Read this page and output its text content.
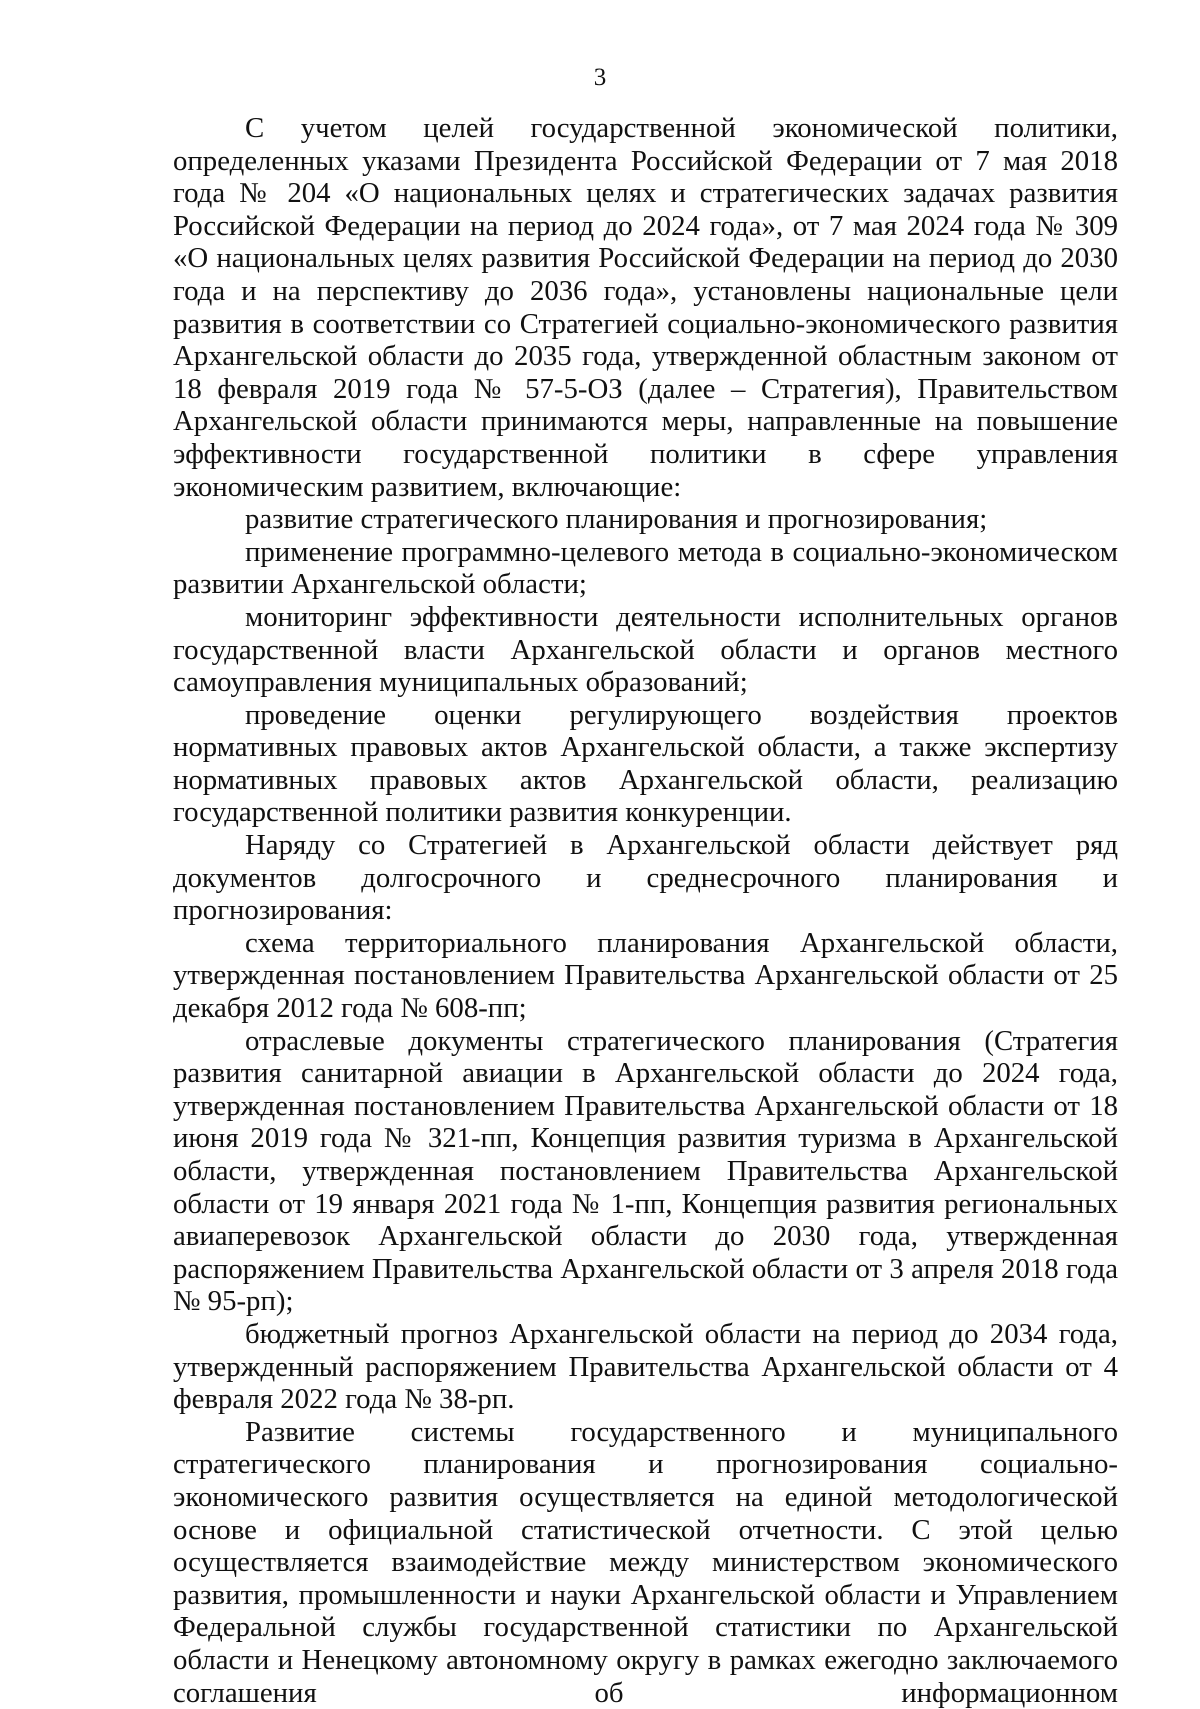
3

С учетом целей государственной экономической политики, определенных указами Президента Российской Федерации от 7 мая 2018 года № 204 «О национальных целях и стратегических задачах развития Российской Федерации на период до 2024 года», от 7 мая 2024 года № 309 «О национальных целях развития Российской Федерации на период до 2030 года и на перспективу до 2036 года», установлены национальные цели развития в соответствии со Стратегией социально-экономического развития Архангельской области до 2035 года, утвержденной областным законом от 18 февраля 2019 года № 57-5-ОЗ (далее – Стратегия), Правительством Архангельской области принимаются меры, направленные на повышение эффективности государственной политики в сфере управления экономическим развитием, включающие:

развитие стратегического планирования и прогнозирования;

применение программно-целевого метода в социально-экономическом развитии Архангельской области;

мониторинг эффективности деятельности исполнительных органов государственной власти Архангельской области и органов местного самоуправления муниципальных образований;

проведение оценки регулирующего воздействия проектов нормативных правовых актов Архангельской области, а также экспертизу нормативных правовых актов Архангельской области, реализацию государственной политики развития конкуренции.

Наряду со Стратегией в Архангельской области действует ряд документов долгосрочного и среднесрочного планирования и прогнозирования:

схема территориального планирования Архангельской области, утвержденная постановлением Правительства Архангельской области от 25 декабря 2012 года № 608-пп;

отраслевые документы стратегического планирования (Стратегия развития санитарной авиации в Архангельской области до 2024 года, утвержденная постановлением Правительства Архангельской области от 18 июня 2019 года № 321-пп, Концепция развития туризма в Архангельской области, утвержденная постановлением Правительства Архангельской области от 19 января 2021 года № 1-пп, Концепция развития региональных авиаперевозок Архангельской области до 2030 года, утвержденная распоряжением Правительства Архангельской области от 3 апреля 2018 года № 95-рп);

бюджетный прогноз Архангельской области на период до 2034 года, утвержденный распоряжением Правительства Архангельской области от 4 февраля 2022 года № 38-рп.

Развитие системы государственного и муниципального стратегического планирования и прогнозирования социально-экономического развития осуществляется на единой методологической основе и официальной статистической отчетности. С этой целью осуществляется взаимодействие между министерством экономического развития, промышленности и науки Архангельской области и Управлением Федеральной службы государственной статистики по Архангельской области и Ненецкому автономному округу в рамках ежегодно заключаемого соглашения об информационном
